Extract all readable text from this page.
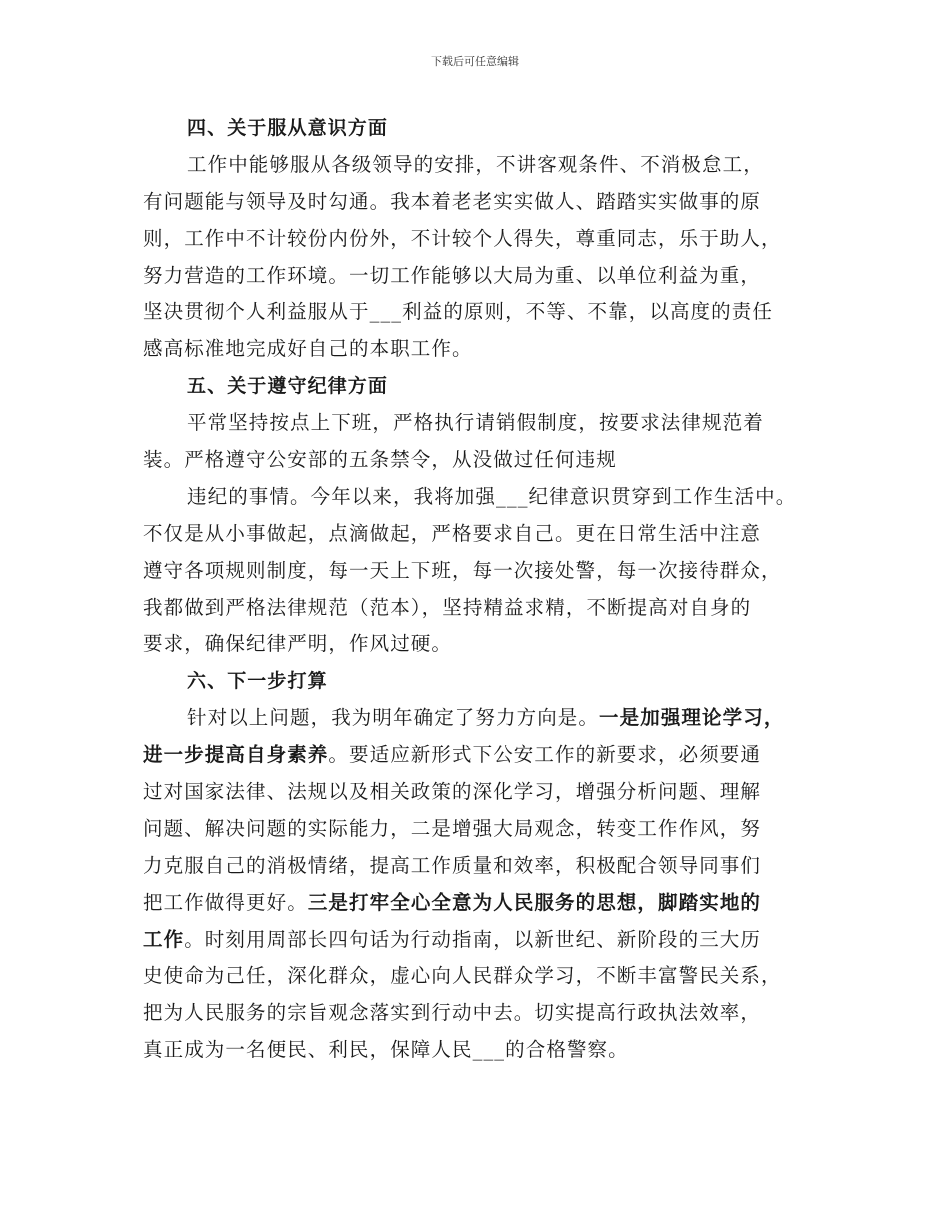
下载后可任意编辑
四、关于服从意识方面
工作中能够服从各级领导的安排，不讲客观条件、不消极怠工，
有问题能与领导及时勾通。我本着老老实实做人、踏踏实实做事的原
则，工作中不计较份内份外，不计较个人得失，尊重同志，乐于助人，
努力营造的工作环境。一切工作能够以大局为重、以单位利益为重，
坚决贯彻个人利益服从于___利益的原则，不等、不靠，以高度的责任
感高标准地完成好自己的本职工作。
五、关于遵守纪律方面
平常坚持按点上下班，严格执行请销假制度，按要求法律规范着
装。严格遵守公安部的五条禁令，从没做过任何违规
违纪的事情。今年以来，我将加强___纪律意识贯穿到工作生活中。
不仅是从小事做起，点滴做起，严格要求自己。更在日常生活中注意
遵守各项规则制度，每一天上下班，每一次接处警，每一次接待群众，
我都做到严格法律规范（范本），坚持精益求精，不断提高对自身的
要求，确保纪律严明，作风过硬。
六、下一步打算
针对以上问题，我为明年确定了努力方向是。一是加强理论学习，
进一步提高自身素养。要适应新形式下公安工作的新要求，必须要通
过对国家法律、法规以及相关政策的深化学习，增强分析问题、理解
问题、解决问题的实际能力，二是增强大局观念，转变工作作风，努
力克服自己的消极情绪，提高工作质量和效率，积极配合领导同事们
把工作做得更好。三是打牢全心全意为人民服务的思想，脚踏实地的
工作。时刻用周部长四句话为行动指南，以新世纪、新阶段的三大历
史使命为己任，深化群众，虚心向人民群众学习，不断丰富警民关系，
把为人民服务的宗旨观念落实到行动中去。切实提高行政执法效率，
真正成为一名便民、利民，保障人民___的合格警察。
